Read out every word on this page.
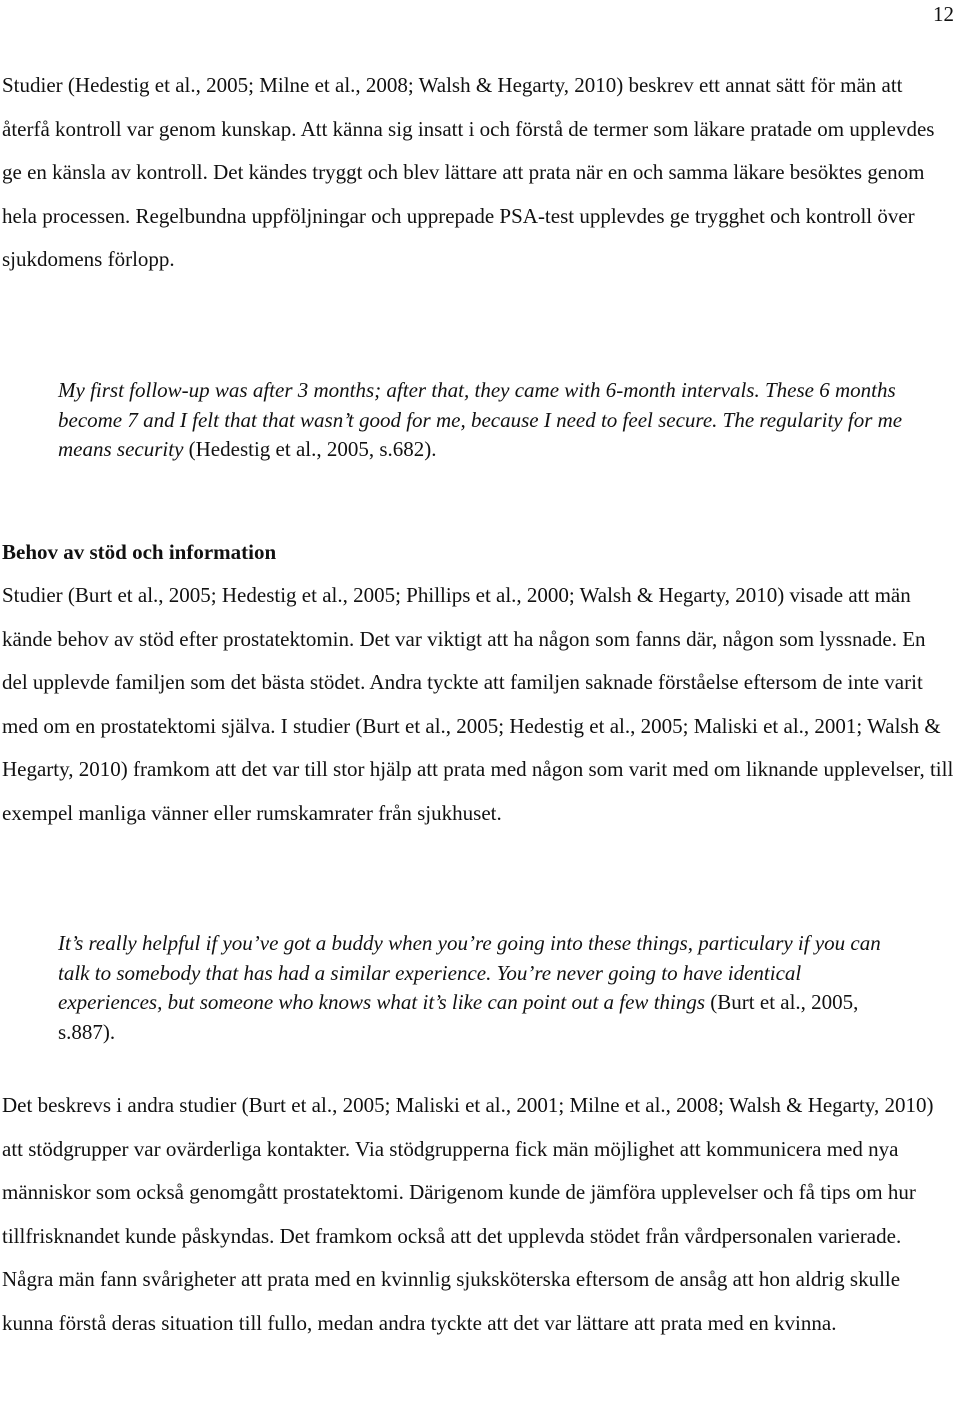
12

Studier (Hedestig et al., 2005; Milne et al., 2008; Walsh & Hegarty, 2010) beskrev ett annat sätt för män att återfå kontroll var genom kunskap. Att känna sig insatt i och förstå de termer som läkare pratade om upplevdes ge en känsla av kontroll. Det kändes tryggt och blev lättare att prata när en och samma läkare besöktes genom hela processen. Regelbundna uppföljningar och upprepade PSA-test upplevdes ge trygghet och kontroll över sjukdomens förlopp.

My first follow-up was after 3 months; after that, they came with 6-month intervals. These 6 months become 7 and I felt that that wasn’t good for me, because I need to feel secure. The regularity for me means security (Hedestig et al., 2005, s.682).

Behov av stöd och information

Studier (Burt et al., 2005; Hedestig et al., 2005; Phillips et al., 2000; Walsh & Hegarty, 2010) visade att män kände behov av stöd efter prostatektomin. Det var viktigt att ha någon som fanns där, någon som lyssnade. En del upplevde familjen som det bästa stödet. Andra tyckte att familjen saknade förståelse eftersom de inte varit med om en prostatektomi själva. I studier (Burt et al., 2005; Hedestig et al., 2005; Maliski et al., 2001; Walsh & Hegarty, 2010) framkom att det var till stor hjälp att prata med någon som varit med om liknande upplevelser, till exempel manliga vänner eller rumskamrater från sjukhuset.

It’s really helpful if you’ve got a buddy when you’re going into these things, particulary if you can talk to somebody that has had a similar experience. You’re never going to have identical experiences, but someone who knows what it’s like can point out a few things (Burt et al., 2005, s.887).

Det beskrevs i andra studier (Burt et al., 2005; Maliski et al., 2001; Milne et al., 2008; Walsh & Hegarty, 2010) att stödgrupper var ovärderliga kontakter. Via stödgrupperna fick män möjlighet att kommunicera med nya människor som också genomgått prostatektomi. Därigenom kunde de jämföra upplevelser och få tips om hur tillfrisknandet kunde påskyndas. Det framkom också att det upplevda stödet från vårdpersonalen varierade. Några män fann svårigheter att prata med en kvinnlig sjuksköterska eftersom de ansåg att hon aldrig skulle kunna förstå deras situation till fullo, medan andra tyckte att det var lättare att prata med en kvinna.
